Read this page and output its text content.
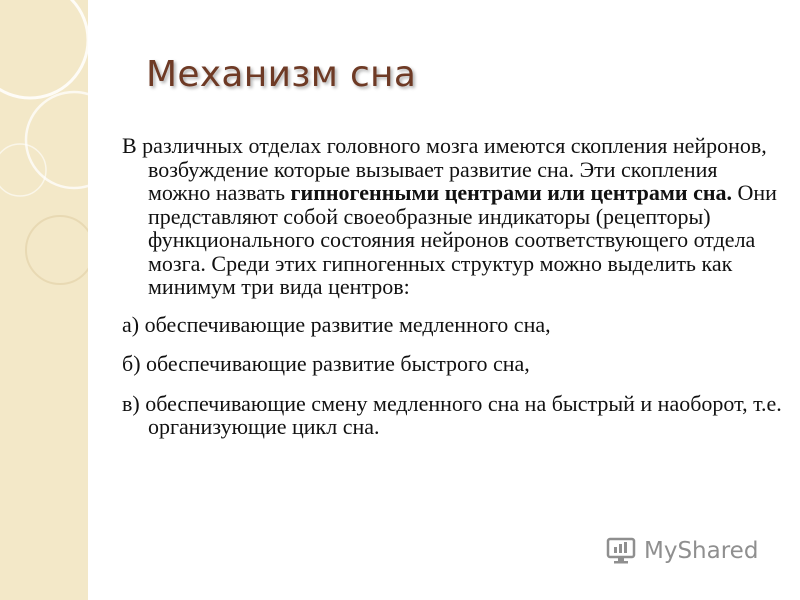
Механизм сна

В различных отделах головного мозга имеются скопления нейронов, возбуждение которые вызывает развитие сна. Эти скопления можно назвать гипногенными центрами или центрами сна. Они представляют собой своеобразные индикаторы (рецепторы) функционального состояния нейронов соответствующего отдела мозга. Среди этих гипногенных структур можно выделить как минимум три вида центров:

а) обеспечивающие развитие медленного сна,

б) обеспечивающие развитие быстрого сна,

в) обеспечивающие смену медленного сна на быстрый и наоборот, т.е. организующие цикл сна.

MyShared
